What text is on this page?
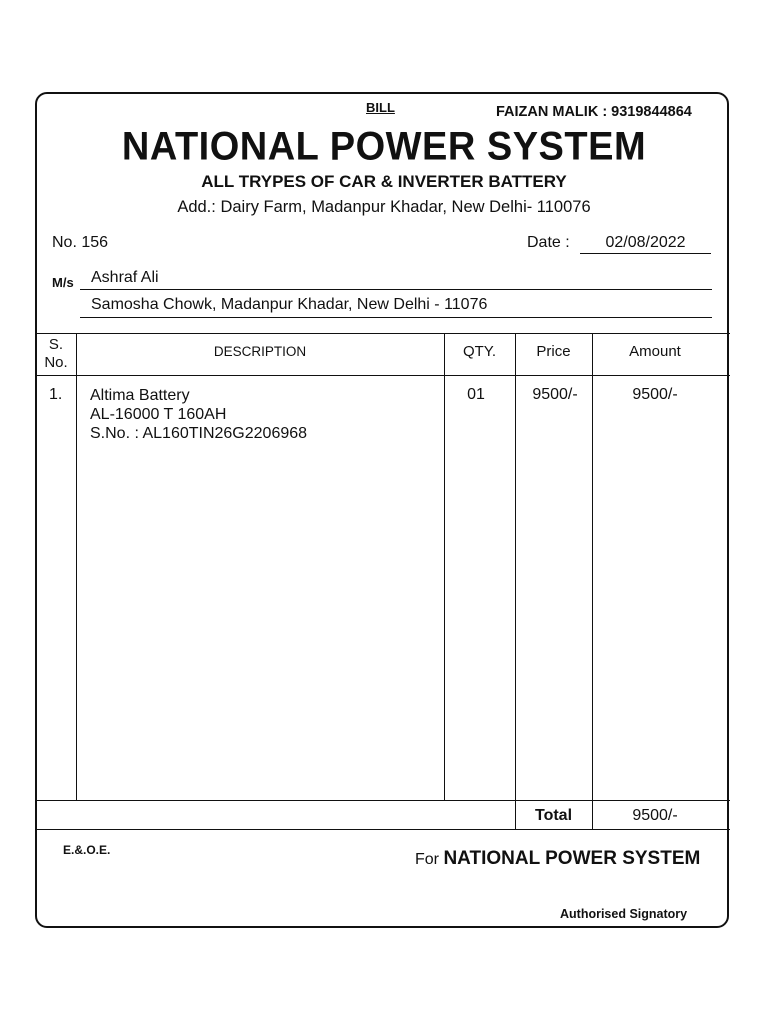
BILL	FAIZAN MALIK : 9319844864
NATIONAL POWER SYSTEM
ALL TRYPES OF CAR & INVERTER BATTERY
Add.: Dairy Farm, Madanpur Khadar, New Delhi- 110076
No. 156	Date :	02/08/2022
M/s Ashraf Ali
Samosha Chowk, Madanpur Khadar, New Delhi - 11076
S.
No.
DESCRIPTION	QTY.	Price	Amount
1. Altima Battery
AL-16000 T 160AH
S.No. : AL160TIN26G2206968
01	9500/-	9500/-
Total	9500/-
E.&.O.E.
For NATIONAL POWER SYSTEM
Authorised Signatory
